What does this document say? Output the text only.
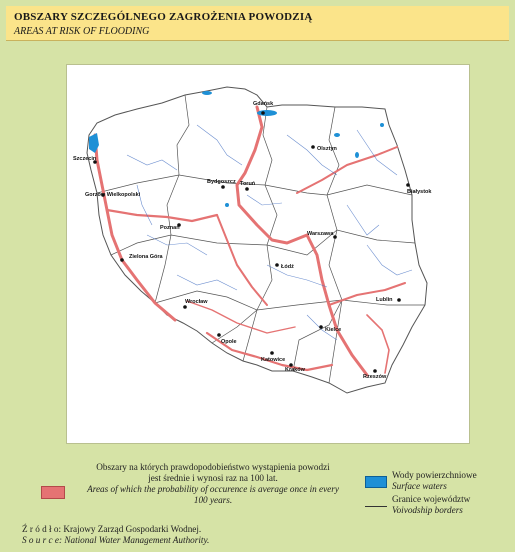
OBSZARY SZCZEGÓLNEGO ZAGROŻENIA POWODZIĄ
AREAS AT RISK OF FLOODING
Gdańsk
Olsztyn
Szczecin
Białystok
Bydgoszcz Toruń
Gorzów Wielkopolski
Poznań
Warszawa
Łódź
Zielona Góra
Wrocław	Lublin
Kielce
Opole
Katowice
Kraków
Rzeszów
Obszary na których prawdopodobieństwo wystąpienia powodzi
jest średnie i wynosi raz na 100 lat.
Areas of which the probability of occurence is average once in every
100 years.
Wody powierzchniowe
Surface waters
Granice województw
Voivodship borders
Ź r ó d ł o: Krajowy Zarząd Gospodarki Wodnej.
S o u r c e: National Water Management Authority.
